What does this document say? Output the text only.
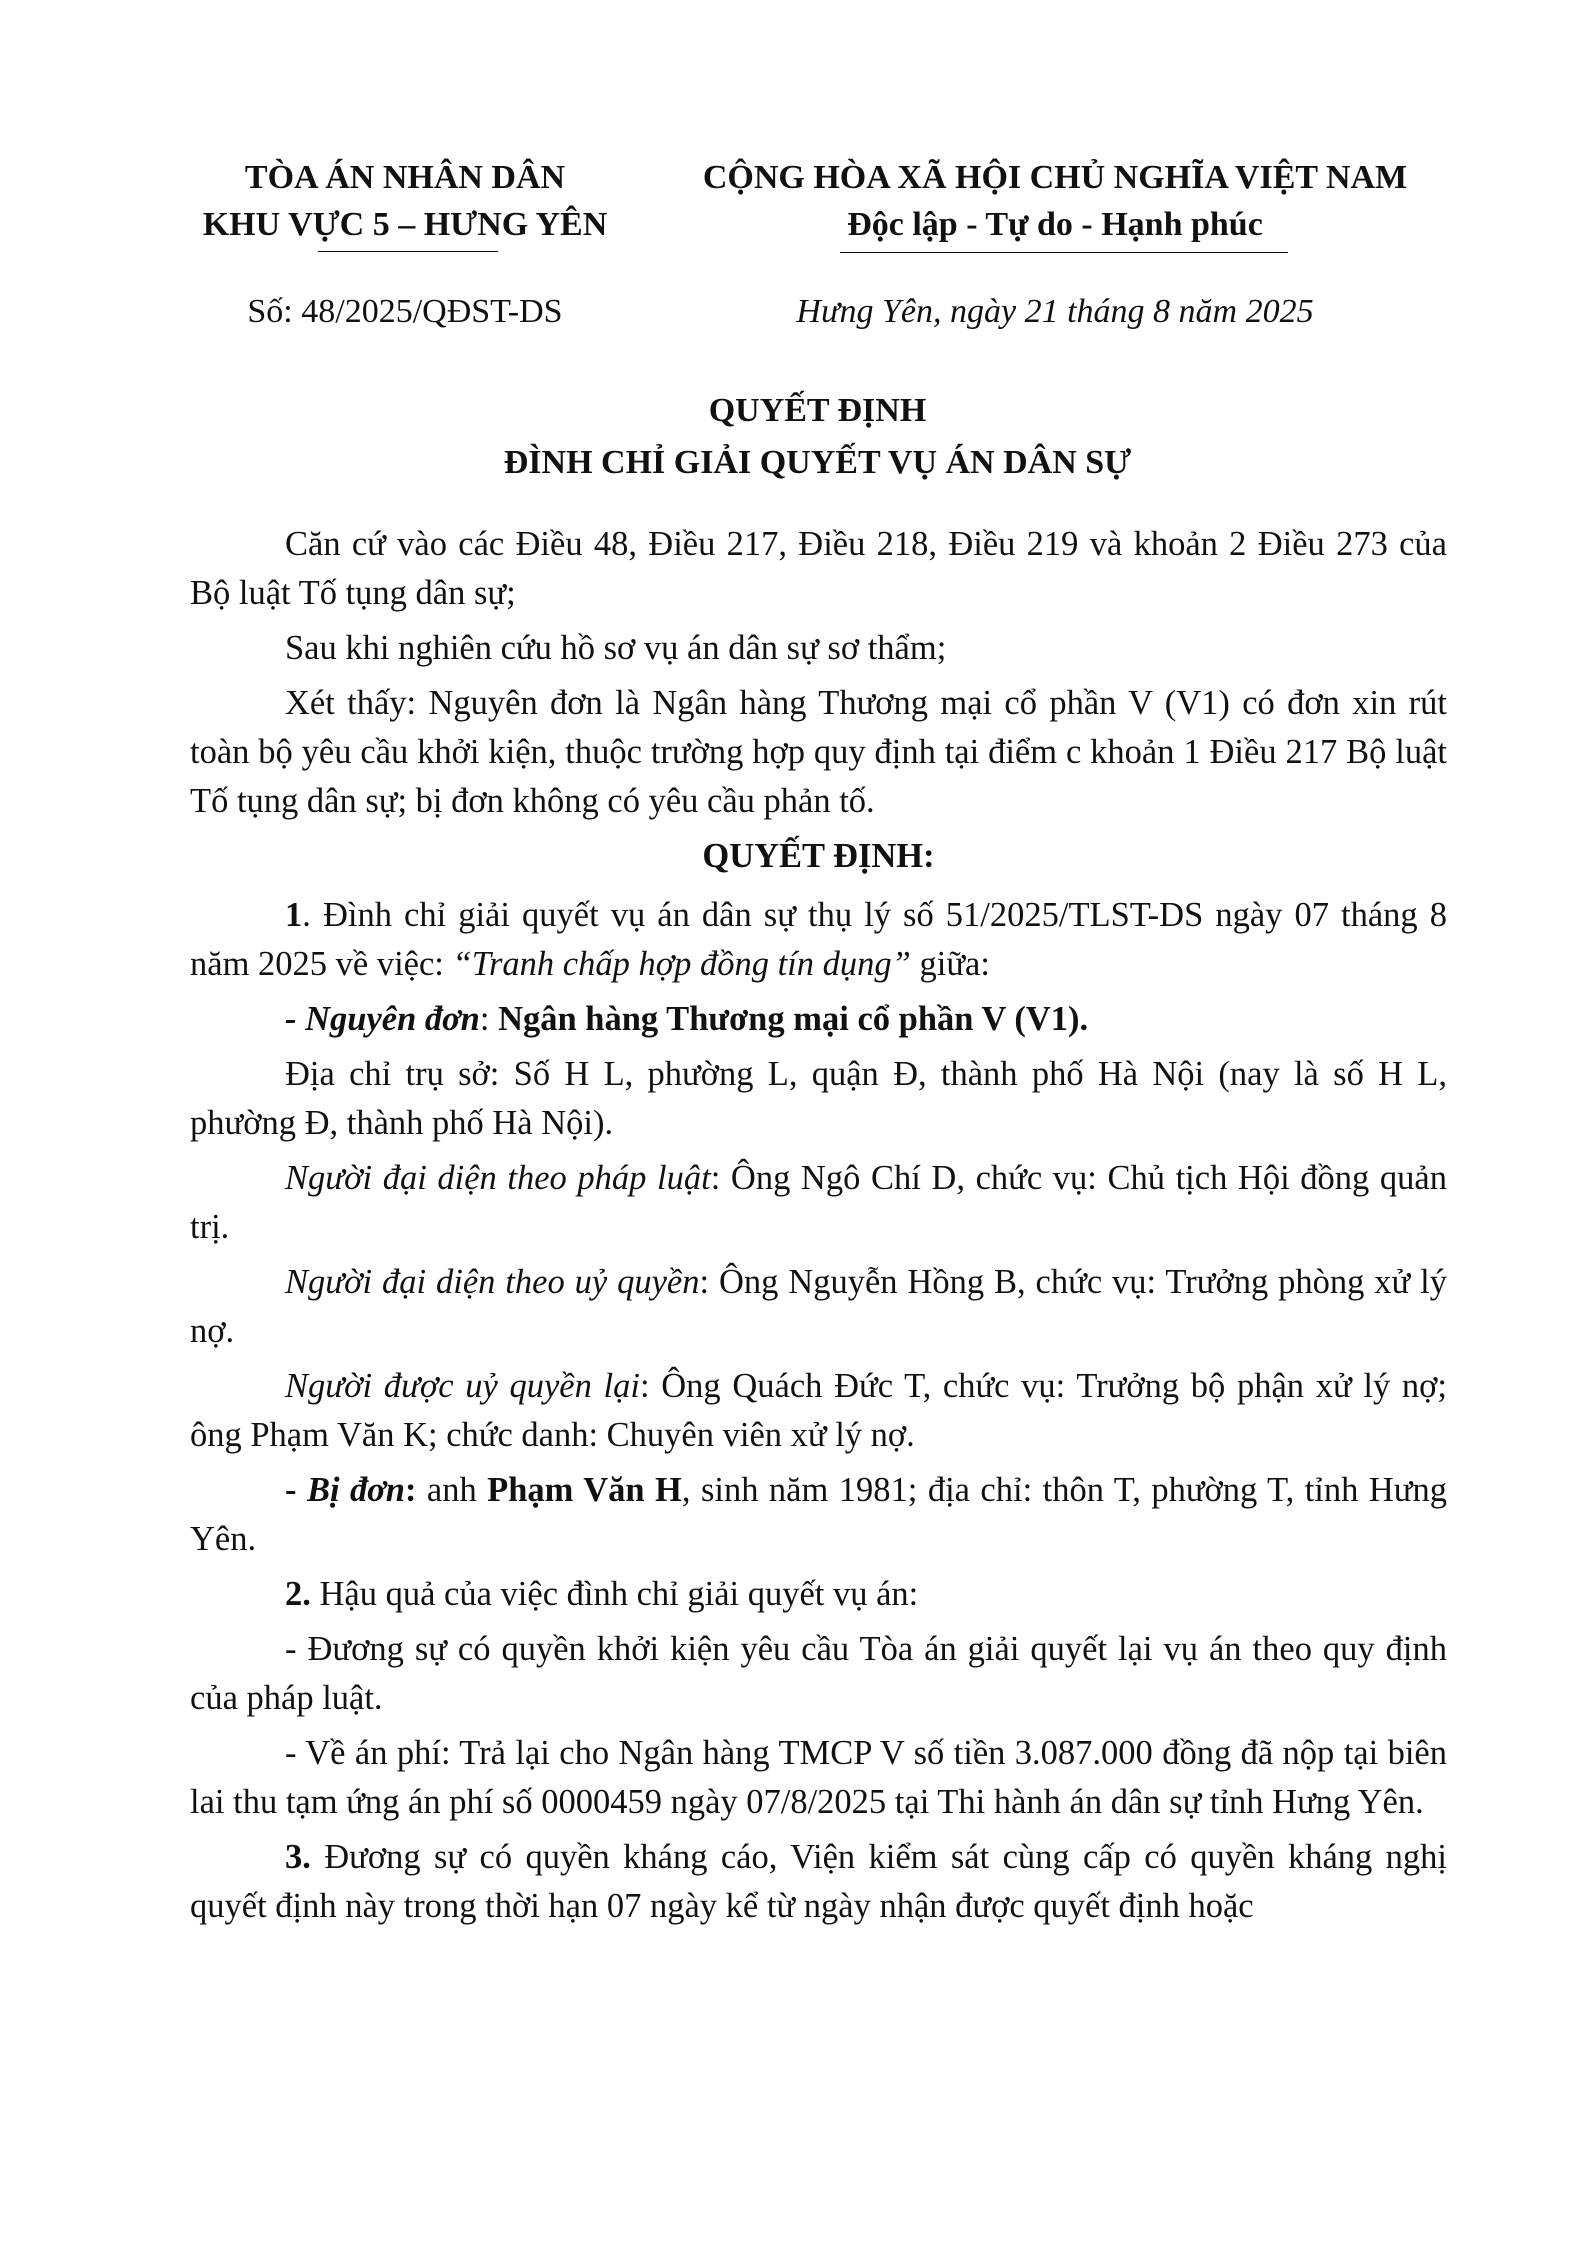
TÒA ÁN NHÂN DÂN
KHU VỰC 5 – HƯNG YÊN
CỘNG HÒA XÃ HỘI CHỦ NGHĨA VIỆT NAM
Độc lập - Tự do - Hạnh phúc
Số: 48/2025/QĐST-DS	Hưng Yên, ngày 21 tháng 8 năm 2025
QUYẾT ĐỊNH
ĐÌNH CHỈ GIẢI QUYẾT VỤ ÁN DÂN SỰ

Căn cứ vào các Điều 48, Điều 217, Điều 218, Điều 219 và khoản 2 Điều 273 của Bộ luật Tố tụng dân sự;

Sau khi nghiên cứu hồ sơ vụ án dân sự sơ thẩm;

Xét thấy: Nguyên đơn là Ngân hàng Thương mại cổ phần V (V1) có đơn xin rút toàn bộ yêu cầu khởi kiện, thuộc trường hợp quy định tại điểm c khoản 1 Điều 217 Bộ luật Tố tụng dân sự; bị đơn không có yêu cầu phản tố.

QUYẾT ĐỊNH:

1. Đình chỉ giải quyết vụ án dân sự thụ lý số 51/2025/TLST-DS ngày 07 tháng 8 năm 2025 về việc: “Tranh chấp hợp đồng tín dụng” giữa:

- Nguyên đơn: Ngân hàng Thương mại cổ phần V (V1).

Địa chỉ trụ sở: Số H L, phường L, quận Đ, thành phố Hà Nội (nay là số H L, phường Đ, thành phố Hà Nội).

Người đại diện theo pháp luật: Ông Ngô Chí D, chức vụ: Chủ tịch Hội đồng quản trị.

Người đại diện theo uỷ quyền: Ông Nguyễn Hồng B, chức vụ: Trưởng phòng xử lý nợ.

Người được uỷ quyền lại: Ông Quách Đức T, chức vụ: Trưởng bộ phận xử lý nợ; ông Phạm Văn K; chức danh: Chuyên viên xử lý nợ.

- Bị đơn: anh Phạm Văn H, sinh năm 1981; địa chỉ: thôn T, phường T, tỉnh Hưng Yên.

2. Hậu quả của việc đình chỉ giải quyết vụ án:

- Đương sự có quyền khởi kiện yêu cầu Tòa án giải quyết lại vụ án theo quy định của pháp luật.

- Về án phí: Trả lại cho Ngân hàng TMCP V số tiền 3.087.000 đồng đã nộp tại biên lai thu tạm ứng án phí số 0000459 ngày 07/8/2025 tại Thi hành án dân sự tỉnh Hưng Yên.

3. Đương sự có quyền kháng cáo, Viện kiểm sát cùng cấp có quyền kháng nghị quyết định này trong thời hạn 07 ngày kể từ ngày nhận được quyết định hoặc
